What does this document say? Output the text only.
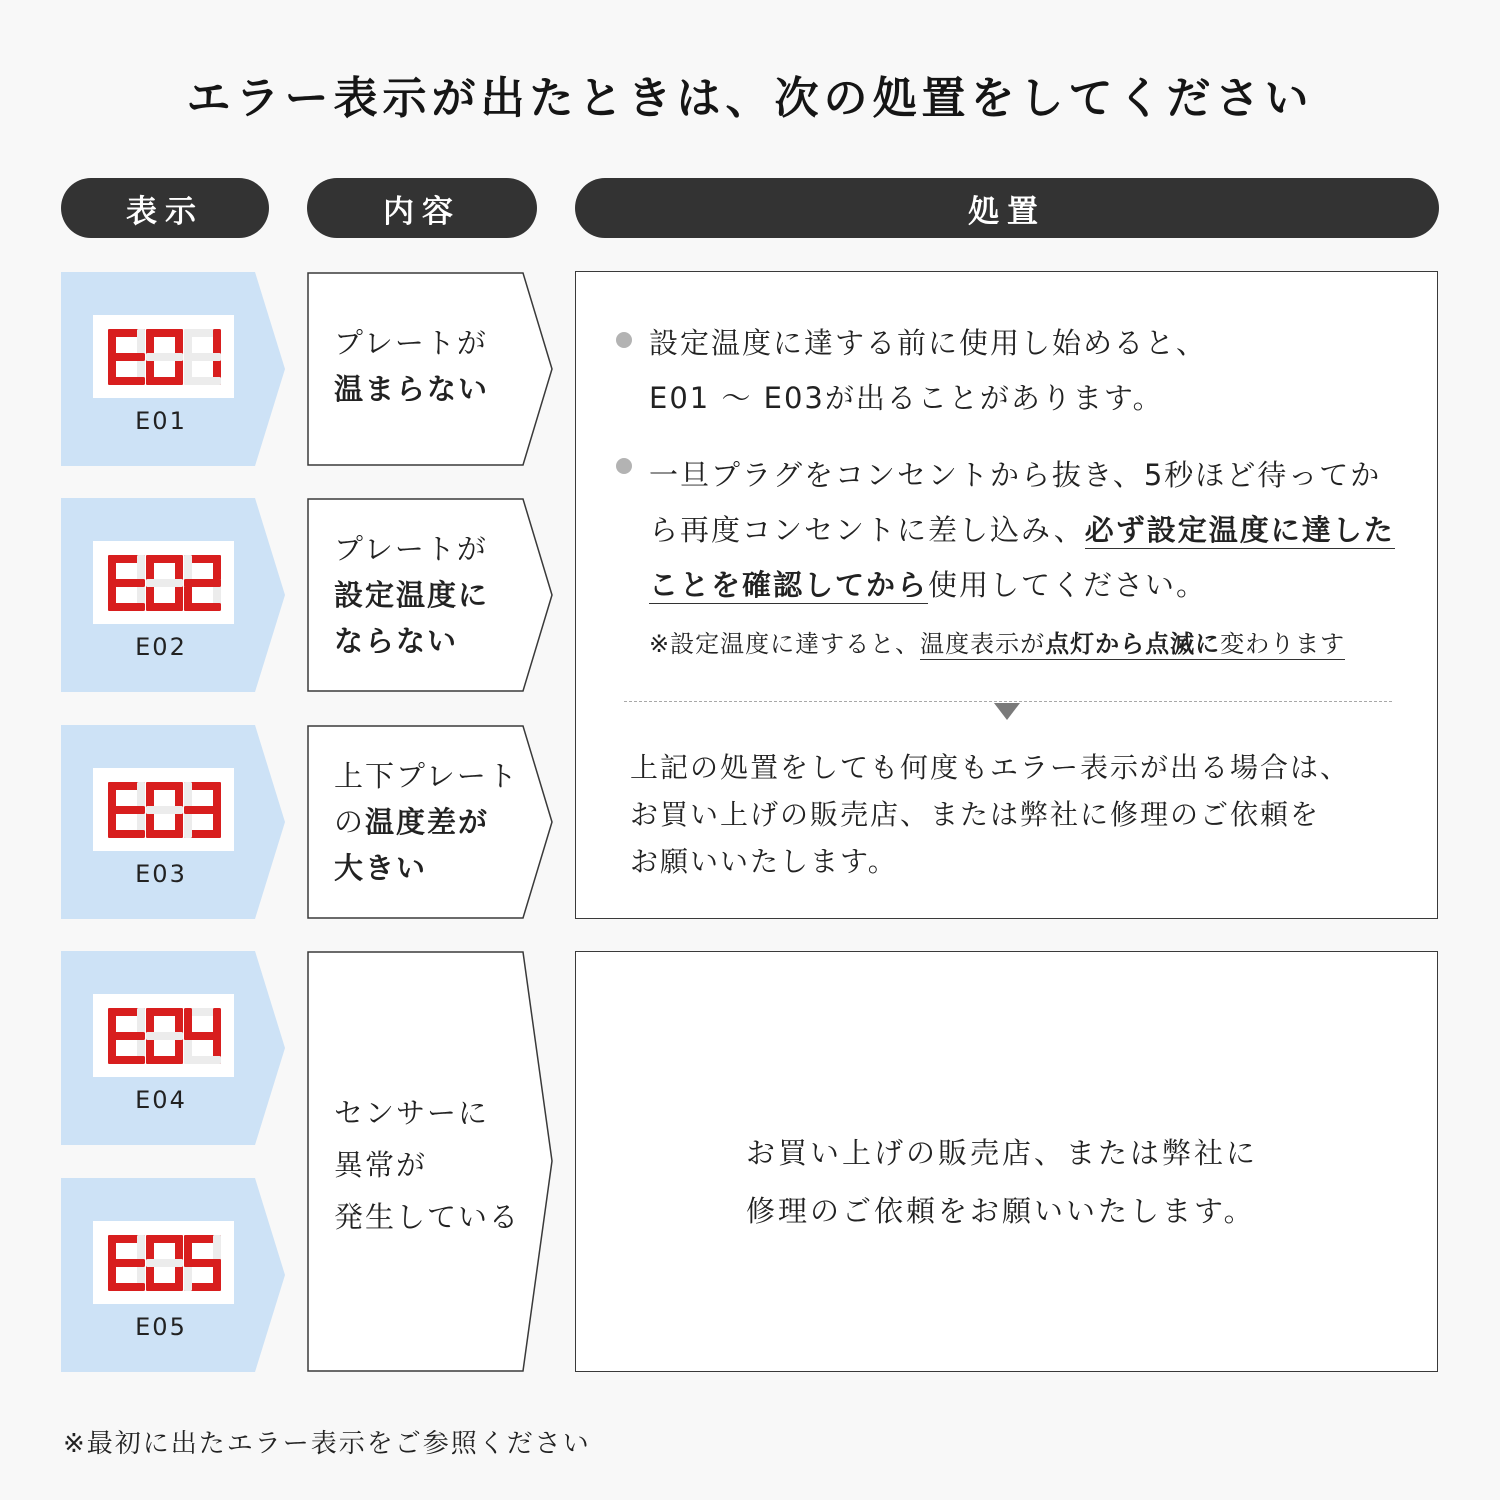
エラー表示が出たときは、次の処置をしてください
表示	内容	処置
E01
E02
E03
E04
E05
プレートが
温まらない
プレートが
設定温度に
ならない
上下プレート
の温度差が
大きい
センサーに
異常が
発生している
設定温度に達する前に使用し始めると、
E01 ～ E03が出ることがあります。
一旦プラグをコンセントから抜き、5秒ほど待ってか
ら再度コンセントに差し込み、必ず設定温度に達した
ことを確認してから使用してください。
※設定温度に達すると、温度表示が点灯から点滅に変わります
上記の処置をしても何度もエラー表示が出る場合は、
お買い上げの販売店、または弊社に修理のご依頼を
お願いいたします。
お買い上げの販売店、または弊社に
修理のご依頼をお願いいたします。
※最初に出たエラー表示をご参照ください
